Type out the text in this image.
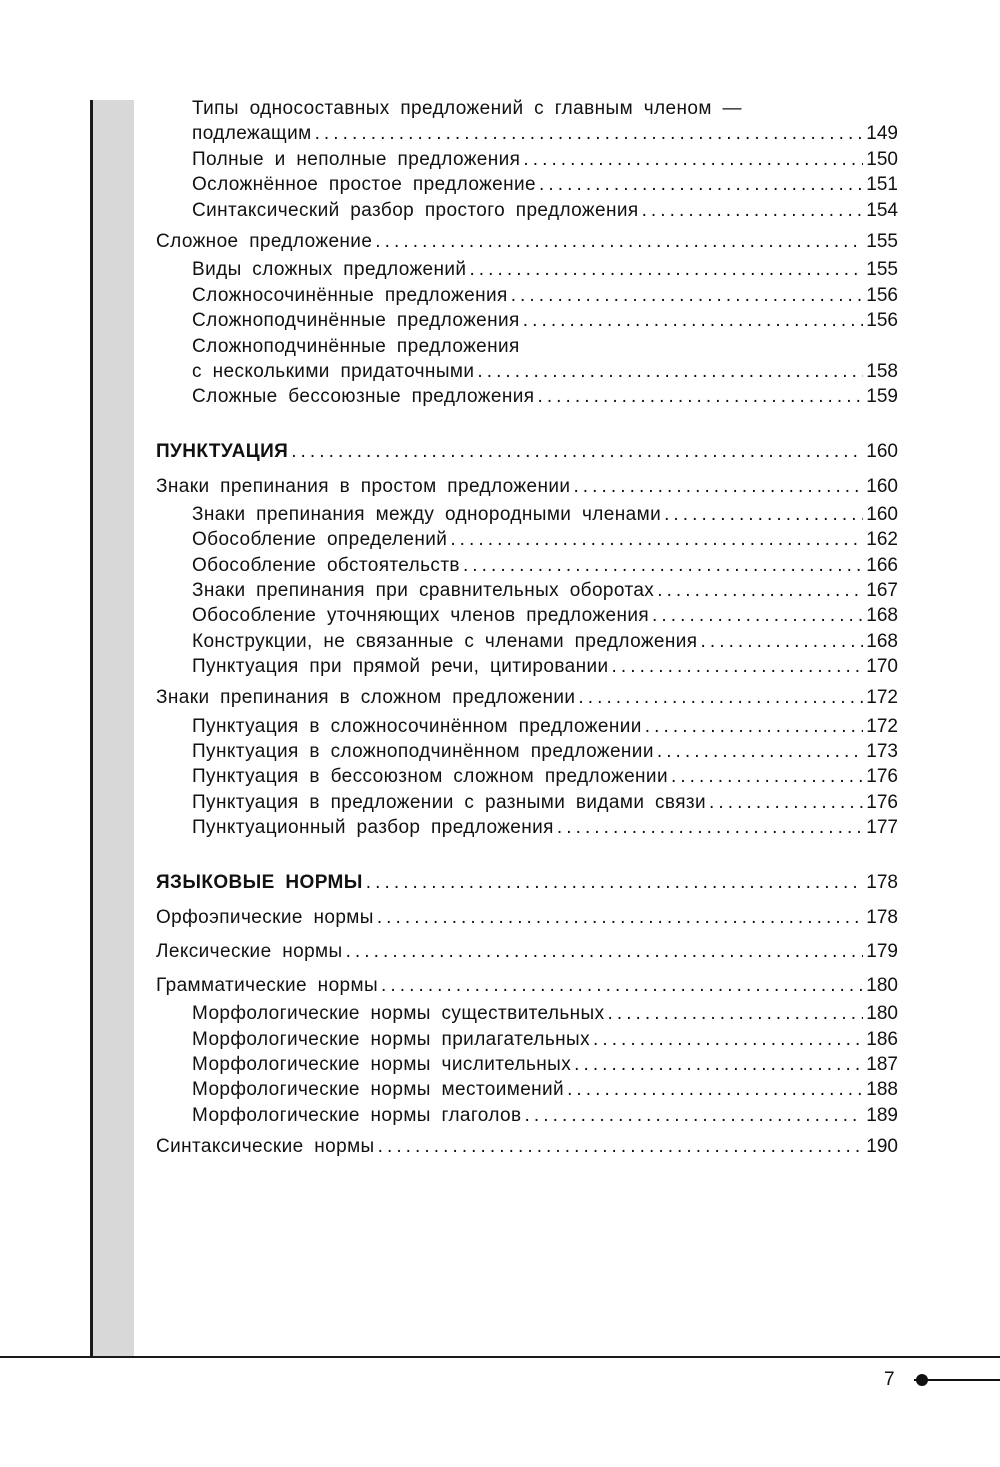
Типы односоставных предложений с главным членом —
подлежащим . . .	149
Полные и неполные предложения . . .	150
Осложнённое простое предложение . . .	151
Синтаксический разбор простого предложения . . .	154
Сложное предложение . . .	155
Виды сложных предложений . . .	155
Сложносочинённые предложения . . .	156
Сложноподчинённые предложения . . .	156
Сложноподчинённые предложения
с несколькими придаточными . . .	158
Сложные бессоюзные предложения . . .	159
ПУНКТУАЦИЯ . . .	160
Знаки препинания в простом предложении . . .	160
Знаки препинания между однородными членами . . .	160
Обособление определений . . .	162
Обособление обстоятельств . . .	166
Знаки препинания при сравнительных оборотах . . .	167
Обособление уточняющих членов предложения . . .	168
Конструкции, не связанные с членами предложения . . .	168
Пунктуация при прямой речи, цитировании . . .	170
Знаки препинания в сложном предложении . . .	172
Пунктуация в сложносочинённом предложении . . .	172
Пунктуация в сложноподчинённом предложении . . .	173
Пунктуация в бессоюзном сложном предложении . . .	176
Пунктуация в предложении с разными видами связи . . .	176
Пунктуационный разбор предложения . . .	177
ЯЗЫКОВЫЕ НОРМЫ . . .	178
Орфоэпические нормы . . .	178
Лексические нормы . . .	179
Грамматические нормы . . .	180
Морфологические нормы существительных . . .	180
Морфологические нормы прилагательных . . .	186
Морфологические нормы числительных . . .	187
Морфологические нормы местоимений . . .	188
Морфологические нормы глаголов . . .	189
Синтаксические нормы . . .	190
7
